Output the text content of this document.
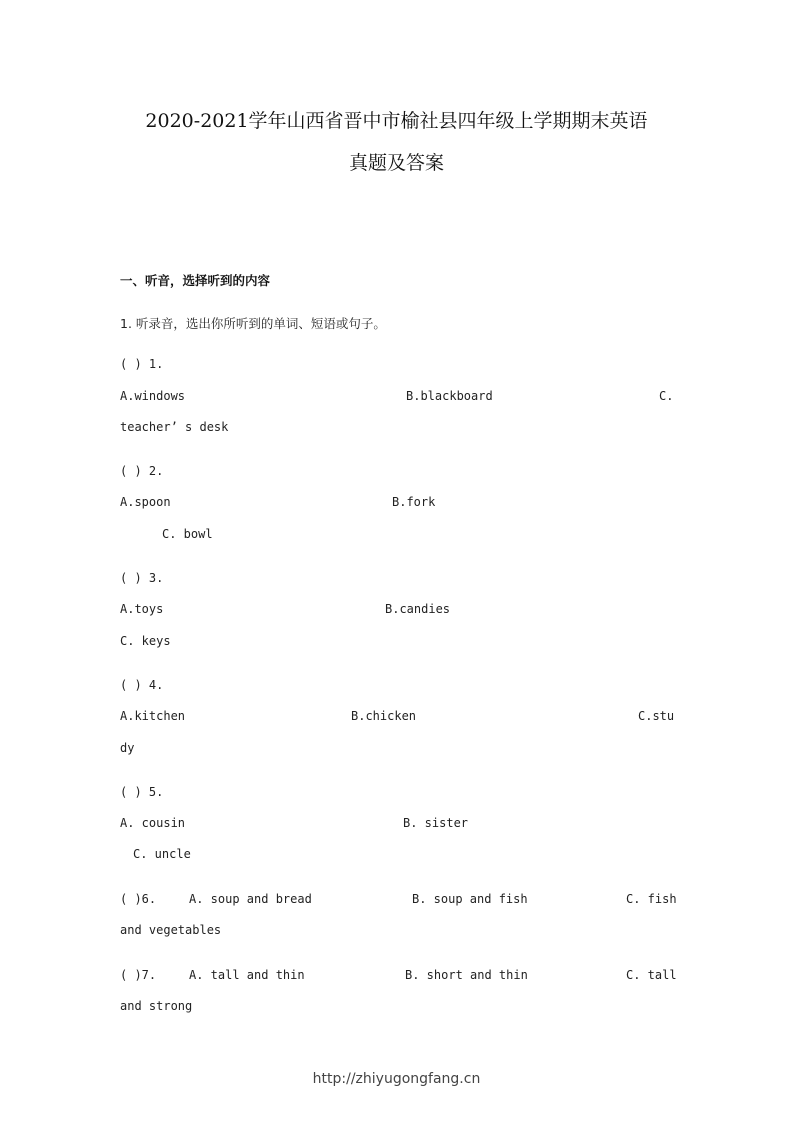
2020-2021学年山西省晋中市榆社县四年级上学期期末英语
真题及答案
一、听音，选择听到的内容
1. 听录音，选出你所听到的单词、短语或句子。
( ) 1.
A.windows	B.blackboard	C.
teacher’ s desk
( ) 2.
A.spoon	B.fork
C. bowl
( ) 3.
A.toys	B.candies
C. keys
( ) 4.
A.kitchen	B.chicken	C.stu
dy
( ) 5.
A. cousin	B. sister
C. uncle
( )6.	A. soup and bread	B. soup and fish	C. fish
and vegetables
( )7.	A. tall and thin	B. short and thin	C. tall
and strong
http://zhiyugongfang.cn
